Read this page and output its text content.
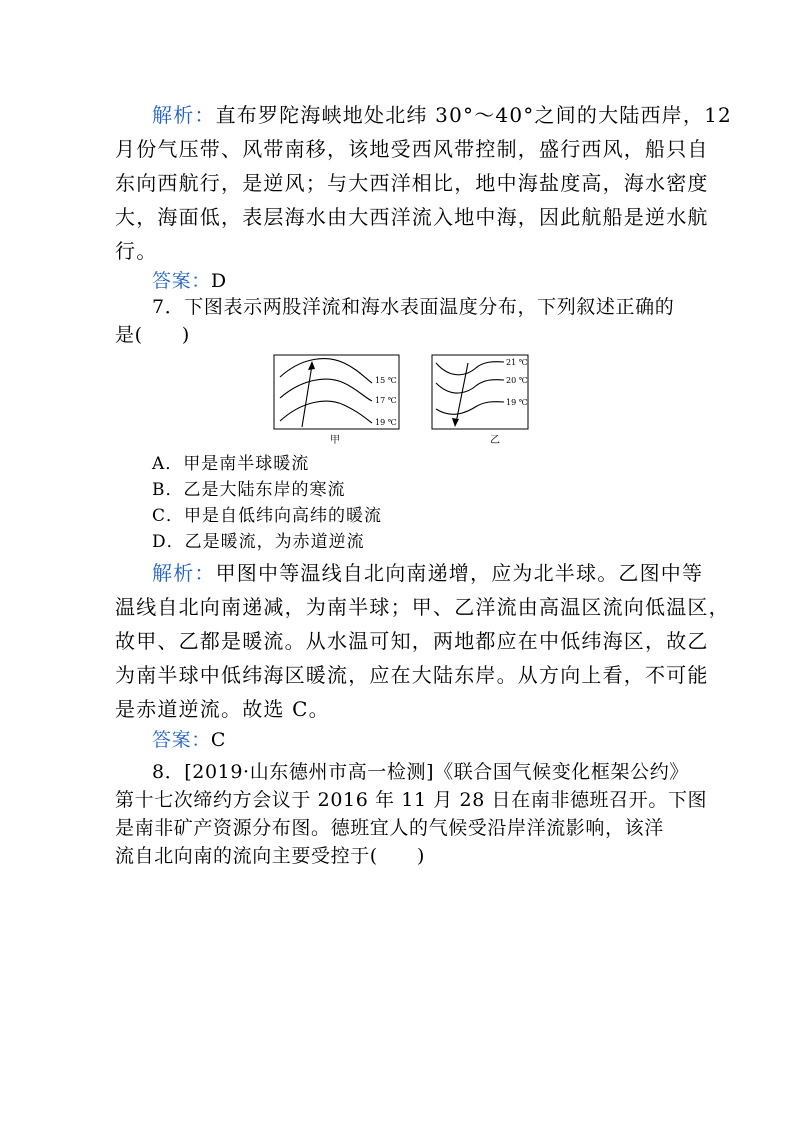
解析：直布罗陀海峡地处北纬 30°～40°之间的大陆西岸，12
月份气压带、风带南移，该地受西风带控制，盛行西风，船只自
东向西航行，是逆风；与大西洋相比，地中海盐度高，海水密度
大，海面低，表层海水由大西洋流入地中海，因此航船是逆水航
行。
答案：D
7．下图表示两股洋流和海水表面温度分布，下列叙述正确的
是(　　)
15 ℃
17 ℃
19 ℃
甲
21 ℃
20 ℃
19 ℃
乙
A．甲是南半球暖流
B．乙是大陆东岸的寒流
C．甲是自低纬向高纬的暖流
D．乙是暖流，为赤道逆流
解析：甲图中等温线自北向南递增，应为北半球。乙图中等
温线自北向南递减，为南半球；甲、乙洋流由高温区流向低温区，
故甲、乙都是暖流。从水温可知，两地都应在中低纬海区，故乙
为南半球中低纬海区暖流，应在大陆东岸。从方向上看，不可能
是赤道逆流。故选 C。
答案：C
8．[2019·山东德州市高一检测]《联合国气候变化框架公约》
第十七次缔约方会议于 2016 年 11 月 28 日在南非德班召开。下图
是南非矿产资源分布图。德班宜人的气候受沿岸洋流影响，该洋
流自北向南的流向主要受控于(　　)
